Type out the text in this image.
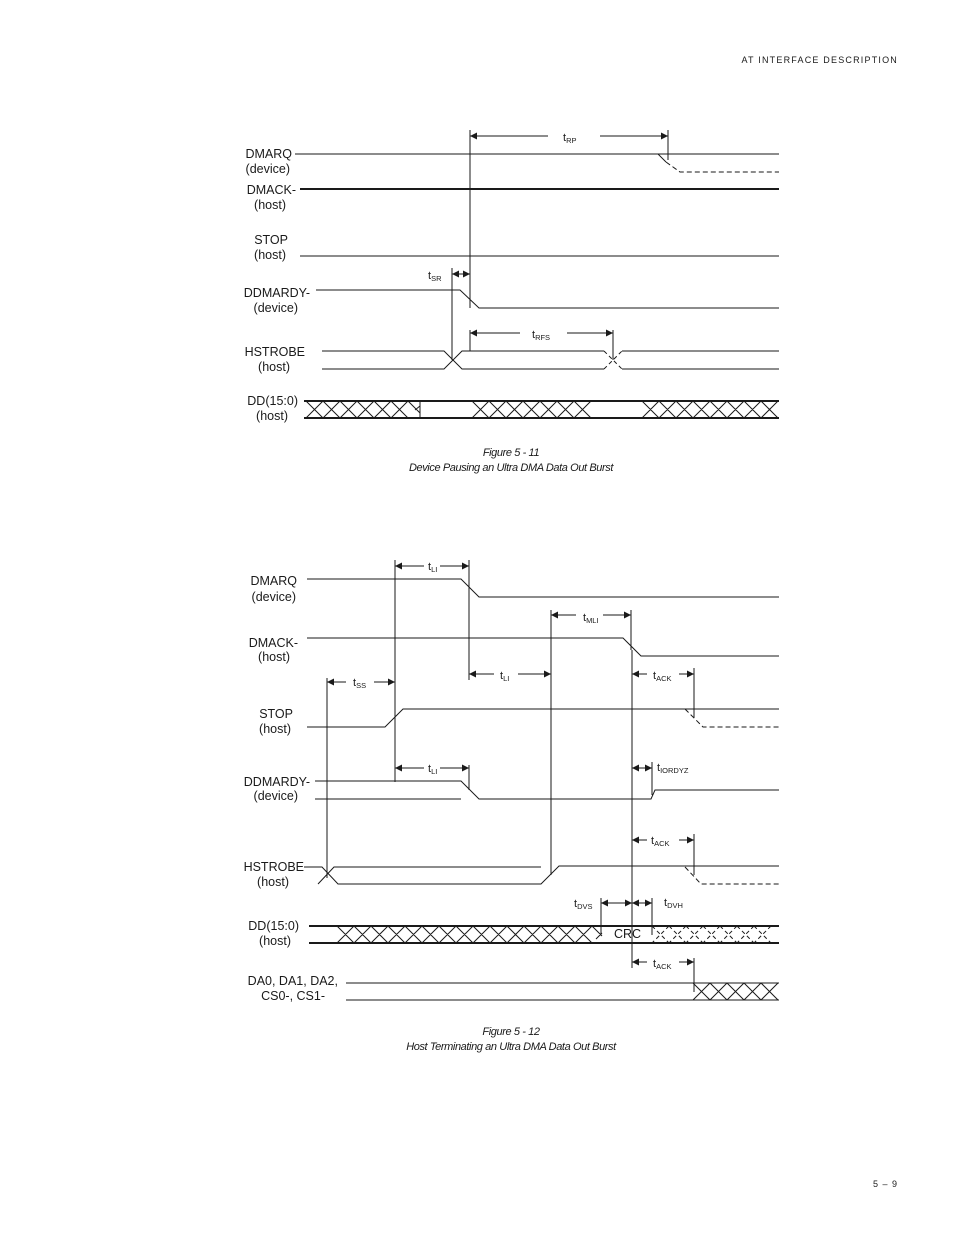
AT INTERFACE DESCRIPTION
DMARQ
(device)
DMACK-
(host)
STOP
(host)
DDMARDY-
(device)
HSTROBE
(host)
DD(15:0)
(host)
tRP
tSR
tRFS
DMARQ
(device)
DMACK-
(host)
STOP
(host)
DDMARDY-
(device)
HSTROBE
(host)
DD(15:0)
(host)
DA0, DA1, DA2,
CS0-, CS1-
CRC
tLI
tMLI
tSS
tLI	tACK
tLI	tIORDYZ
tACK
tDVS	tDVH
tACK
Figure 5 - 11
Device Pausing an Ultra DMA Data Out Burst
Figure 5 - 12
Host Terminating an Ultra DMA Data Out Burst
5 – 9
